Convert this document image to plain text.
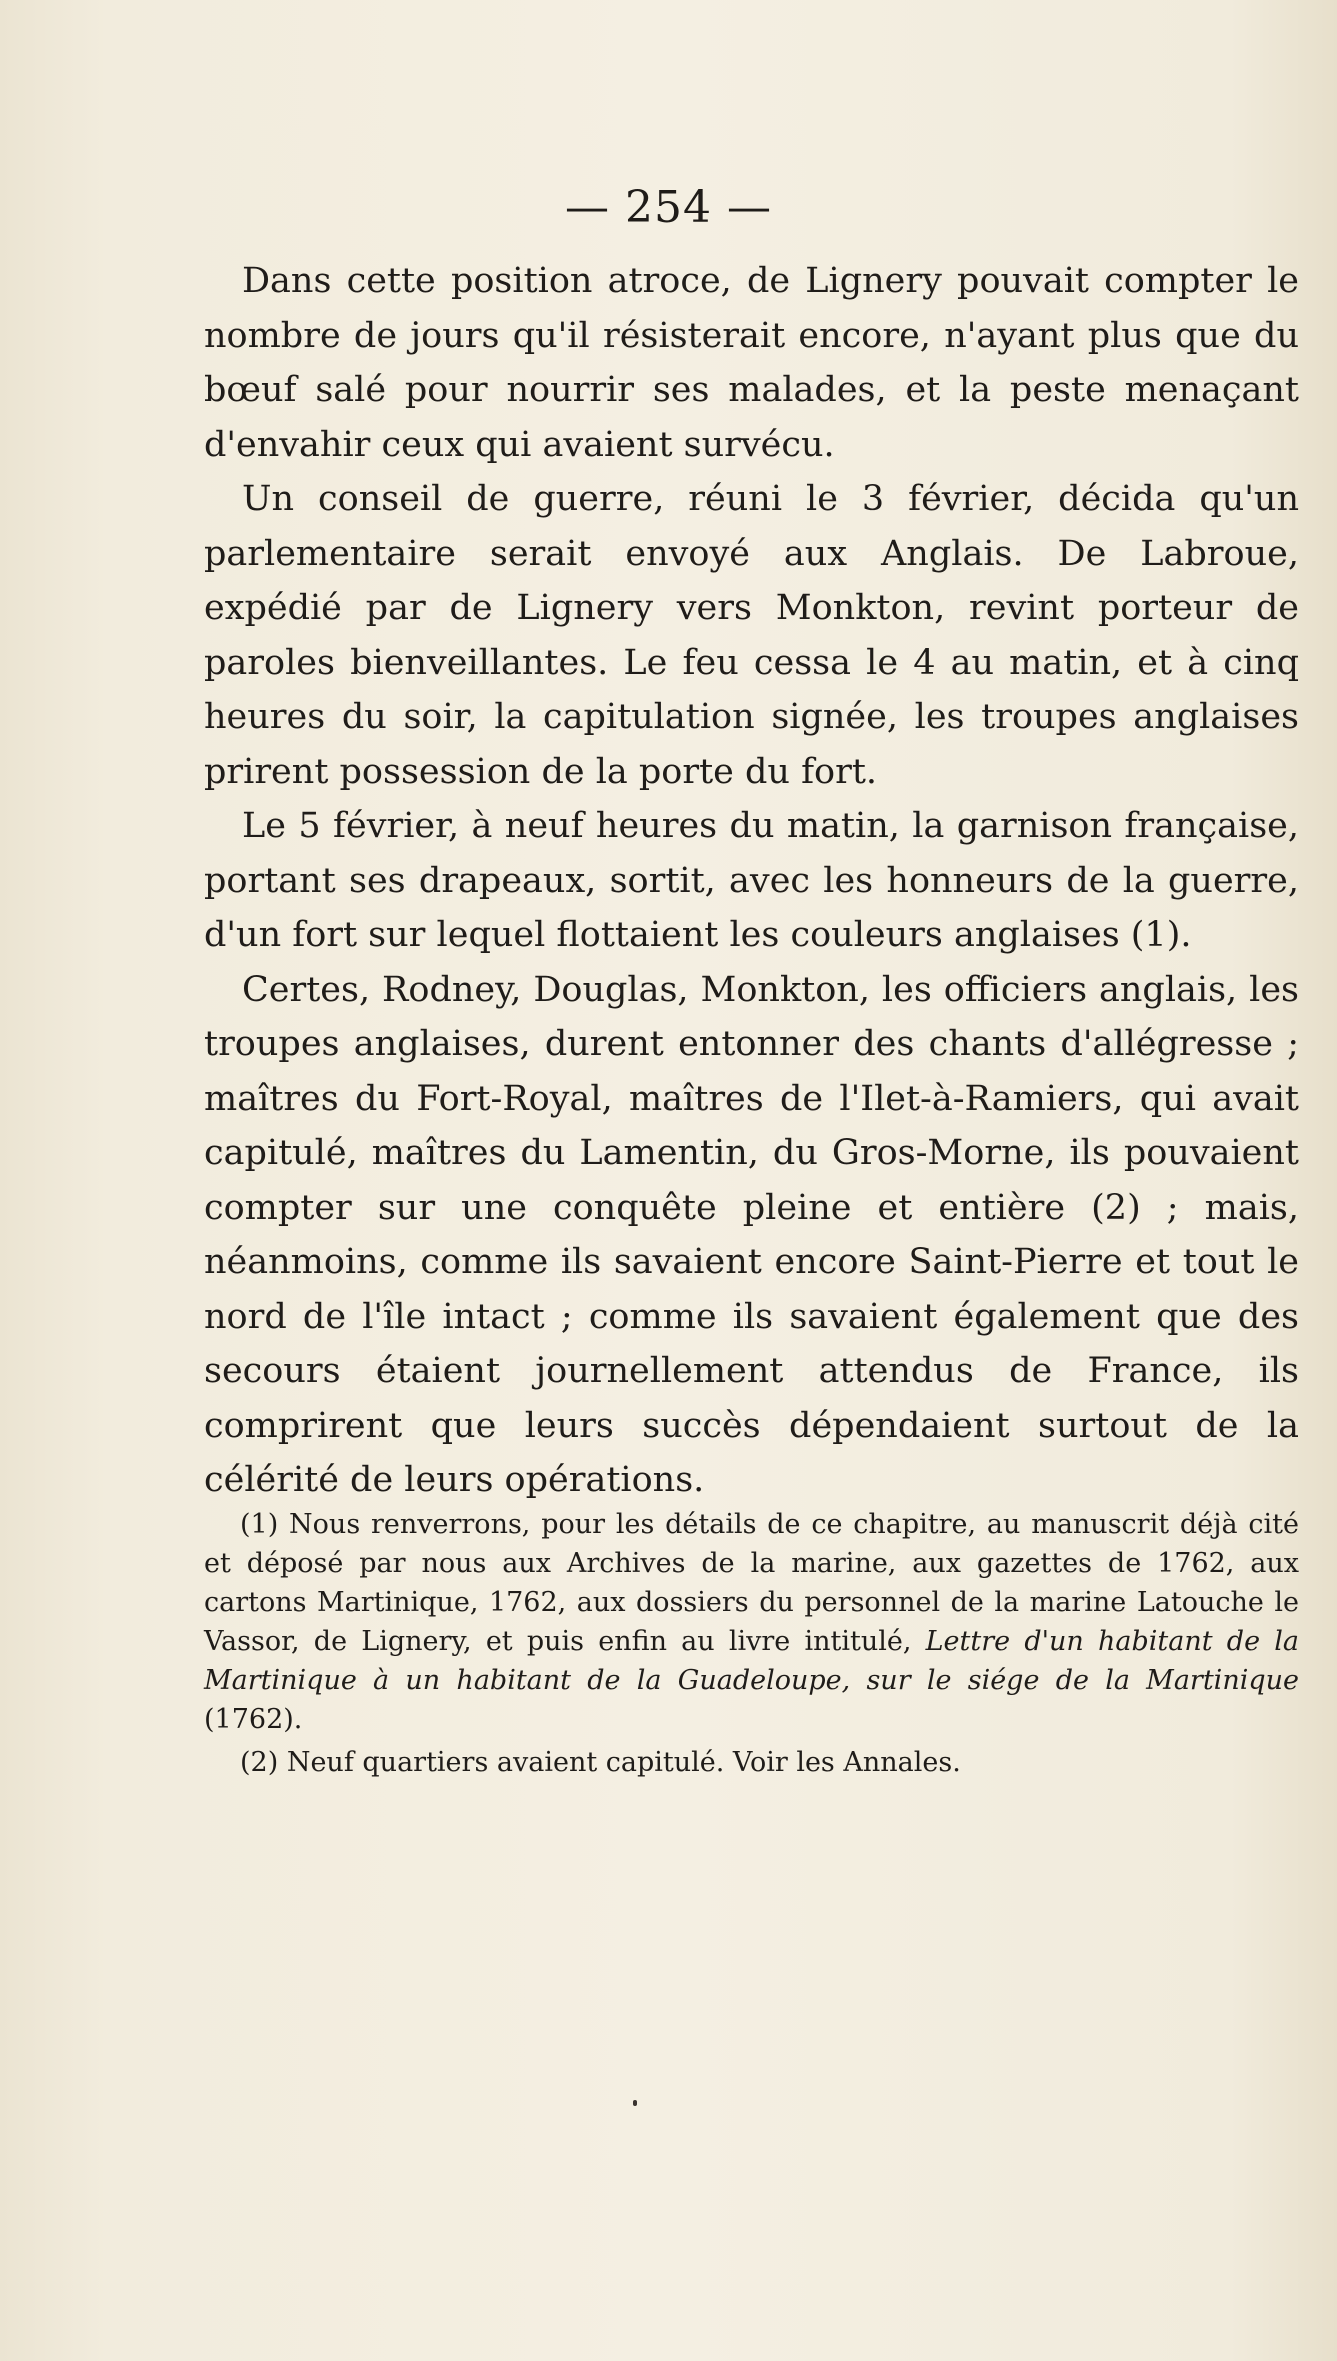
— 254 —

Dans cette position atroce, de Lignery pouvait compter le nombre de jours qu'il résisterait encore, n'ayant plus que du bœuf salé pour nourrir ses malades, et la peste menaçant d'envahir ceux qui avaient survécu.

Un conseil de guerre, réuni le 3 février, décida qu'un parlementaire serait envoyé aux Anglais. De Labroue, expédié par de Lignery vers Monkton, revint porteur de paroles bienveillantes. Le feu cessa le 4 au matin, et à cinq heures du soir, la capitulation signée, les troupes anglaises prirent possession de la porte du fort.

Le 5 février, à neuf heures du matin, la garnison française, portant ses drapeaux, sortit, avec les honneurs de la guerre, d'un fort sur lequel flottaient les couleurs anglaises (1).

Certes, Rodney, Douglas, Monkton, les officiers anglais, les troupes anglaises, durent entonner des chants d'allégresse ; maîtres du Fort-Royal, maîtres de l'Ilet-à-Ramiers, qui avait capitulé, maîtres du Lamentin, du Gros-Morne, ils pouvaient compter sur une conquête pleine et entière (2) ; mais, néanmoins, comme ils savaient encore Saint-Pierre et tout le nord de l'île intact ; comme ils savaient également que des secours étaient journellement attendus de France, ils comprirent que leurs succès dépendaient surtout de la célérité de leurs opérations.

(1) Nous renverrons, pour les détails de ce chapitre, au manuscrit déjà cité et déposé par nous aux Archives de la marine, aux gazettes de 1762, aux cartons Martinique, 1762, aux dossiers du personnel de la marine Latouche le Vassor, de Lignery, et puis enfin au livre intitulé, Lettre d'un habitant de la Martinique à un habitant de la Guadeloupe, sur le siége de la Martinique (1762).

(2) Neuf quartiers avaient capitulé. Voir les Annales.
